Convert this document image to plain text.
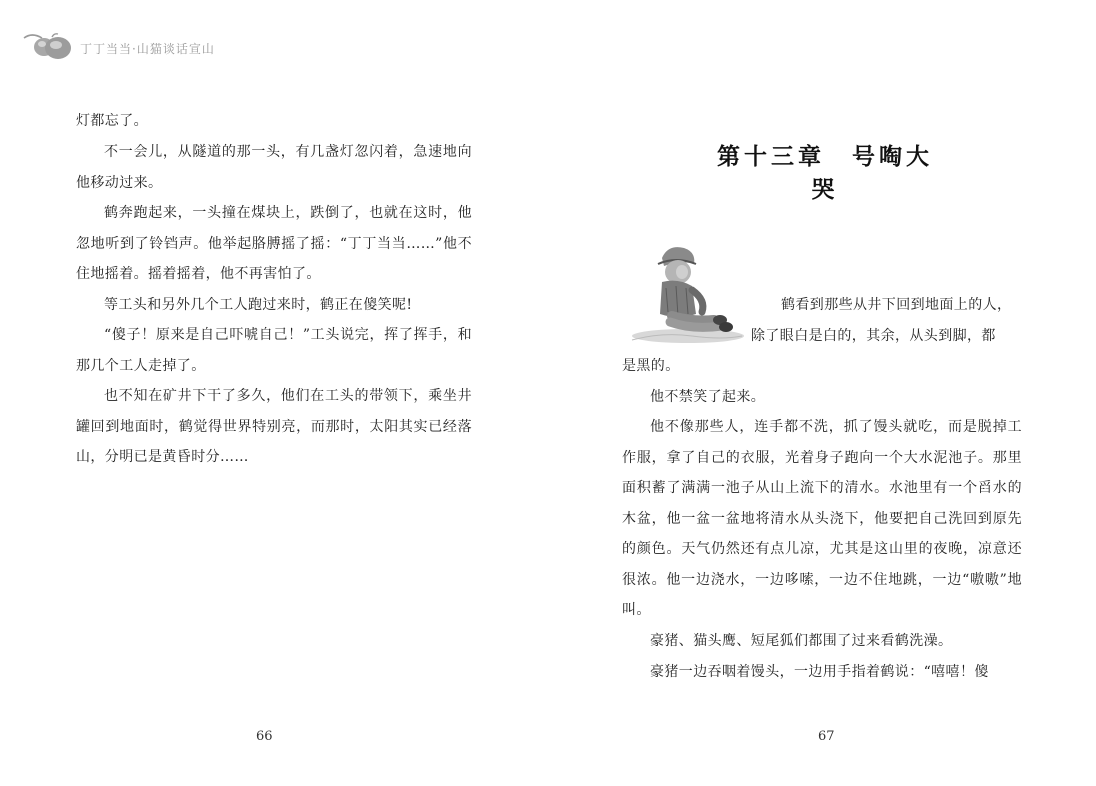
丁丁当当·山猫谈话宣山

灯都忘了。

不一会儿，从隧道的那一头，有几盏灯忽闪着，急速地向他移动过来。

鹤奔跑起来，一头撞在煤块上，跌倒了，也就在这时，他忽地听到了铃铛声。他举起胳膊摇了摇：“丁丁当当……”他不住地摇着。摇着摇着，他不再害怕了。

等工头和另外几个工人跑过来时，鹤正在傻笑呢!

“傻子！原来是自己吓唬自己！”工头说完，挥了挥手，和那几个工人走掉了。

也不知在矿井下干了多久，他们在工头的带领下，乘坐井罐回到地面时，鹤觉得世界特别亮，而那时，太阳其实已经落山，分明已是黄昏时分……

66
第十三章　号啕大哭
鹤看到那些从井下回到地面上的人，
除了眼白是白的，其余，从头到脚，都
是黑的。

他不禁笑了起来。

他不像那些人，连手都不洗，抓了馒头就吃，而是脱掉工作服，拿了自己的衣服，光着身子跑向一个大水泥池子。那里面积蓄了满满一池子从山上流下的清水。水池里有一个舀水的木盆，他一盆一盆地将清水从头浇下，他要把自己洗回到原先的颜色。天气仍然还有点儿凉，尤其是这山里的夜晚，凉意还很浓。他一边浇水，一边哆嗦，一边不住地跳，一边“嗷嗷”地叫。

豪猪、猫头鹰、短尾狐们都围了过来看鹤洗澡。

豪猪一边吞咽着馒头，一边用手指着鹤说：“嘻嘻！傻

67
